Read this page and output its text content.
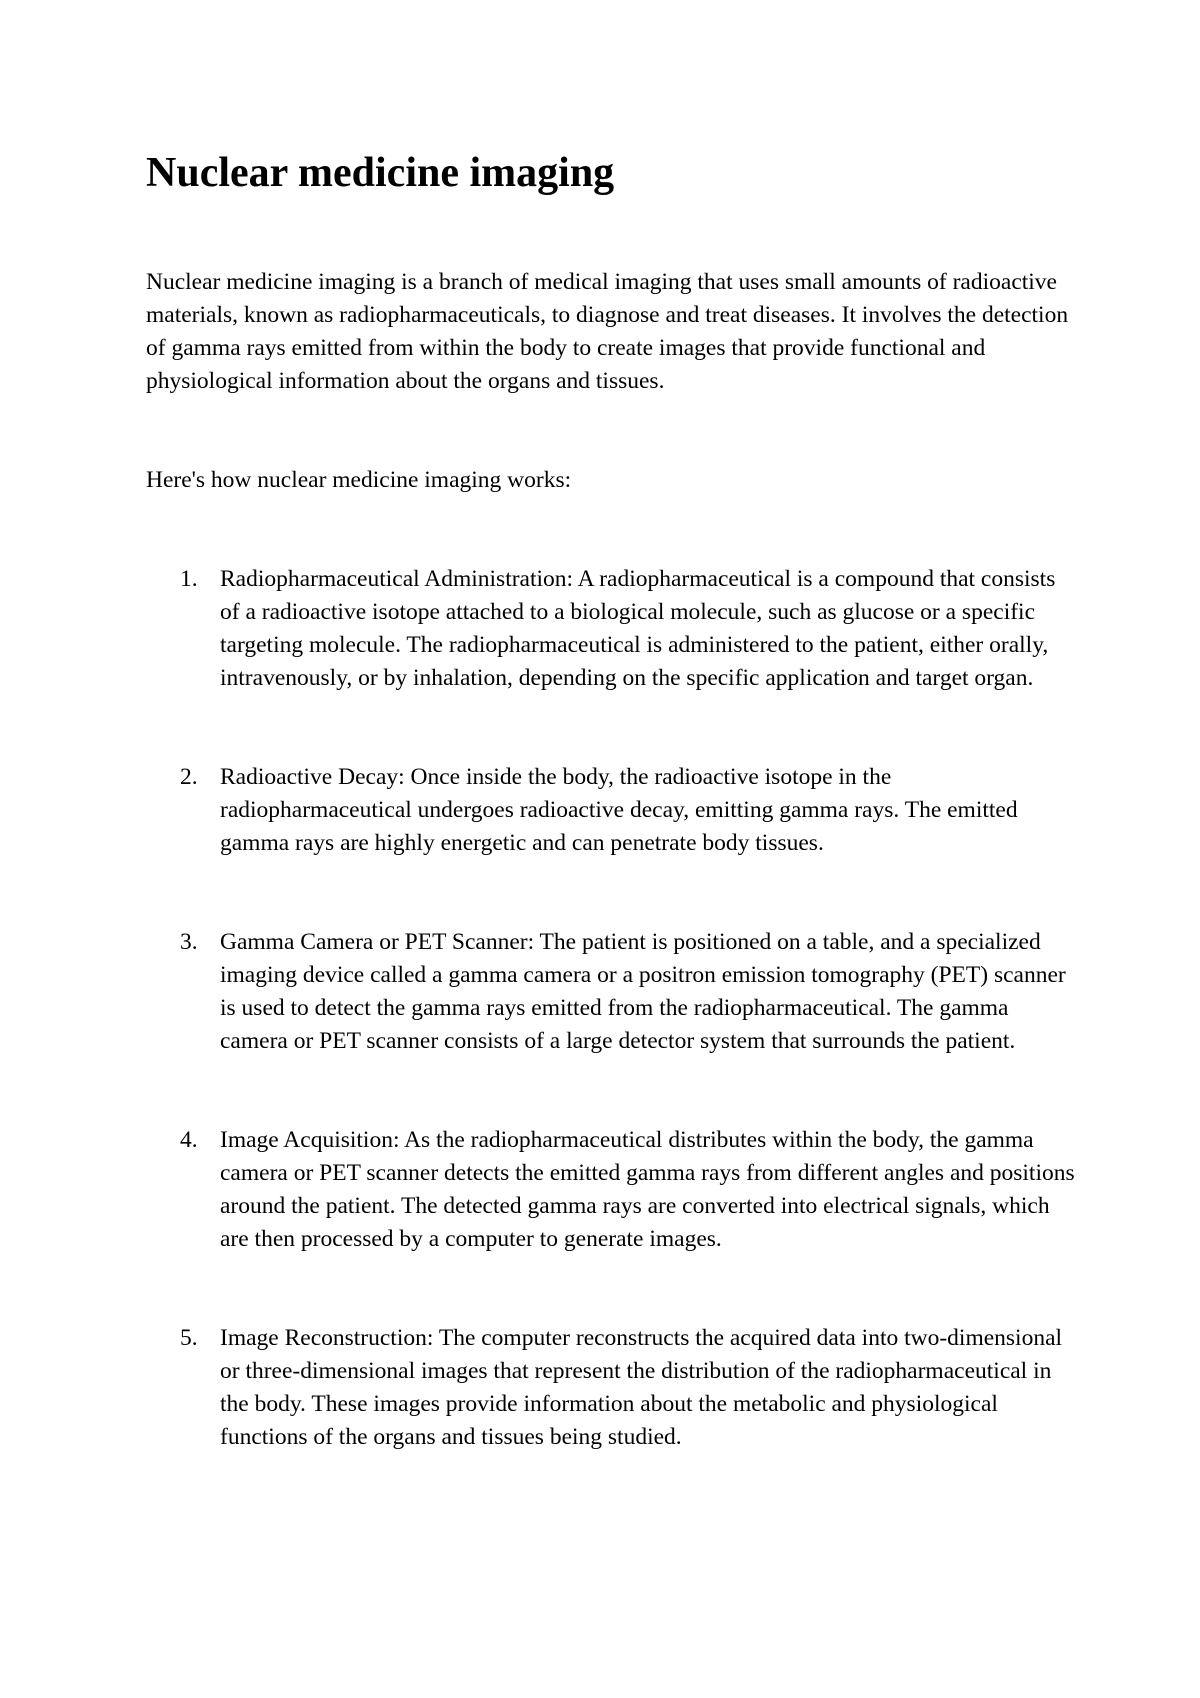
Nuclear medicine imaging

Nuclear medicine imaging is a branch of medical imaging that uses small amounts of radioactive materials, known as radiopharmaceuticals, to diagnose and treat diseases. It involves the detection of gamma rays emitted from within the body to create images that provide functional and physiological information about the organs and tissues.

Here's how nuclear medicine imaging works:

1. Radiopharmaceutical Administration: A radiopharmaceutical is a compound that consists of a radioactive isotope attached to a biological molecule, such as glucose or a specific targeting molecule. The radiopharmaceutical is administered to the patient, either orally, intravenously, or by inhalation, depending on the specific application and target organ.
2. Radioactive Decay: Once inside the body, the radioactive isotope in the radiopharmaceutical undergoes radioactive decay, emitting gamma rays. The emitted gamma rays are highly energetic and can penetrate body tissues.
3. Gamma Camera or PET Scanner: The patient is positioned on a table, and a specialized imaging device called a gamma camera or a positron emission tomography (PET) scanner is used to detect the gamma rays emitted from the radiopharmaceutical. The gamma camera or PET scanner consists of a large detector system that surrounds the patient.
4. Image Acquisition: As the radiopharmaceutical distributes within the body, the gamma camera or PET scanner detects the emitted gamma rays from different angles and positions around the patient. The detected gamma rays are converted into electrical signals, which are then processed by a computer to generate images.
5. Image Reconstruction: The computer reconstructs the acquired data into two-dimensional or three-dimensional images that represent the distribution of the radiopharmaceutical in the body. These images provide information about the metabolic and physiological functions of the organs and tissues being studied.
